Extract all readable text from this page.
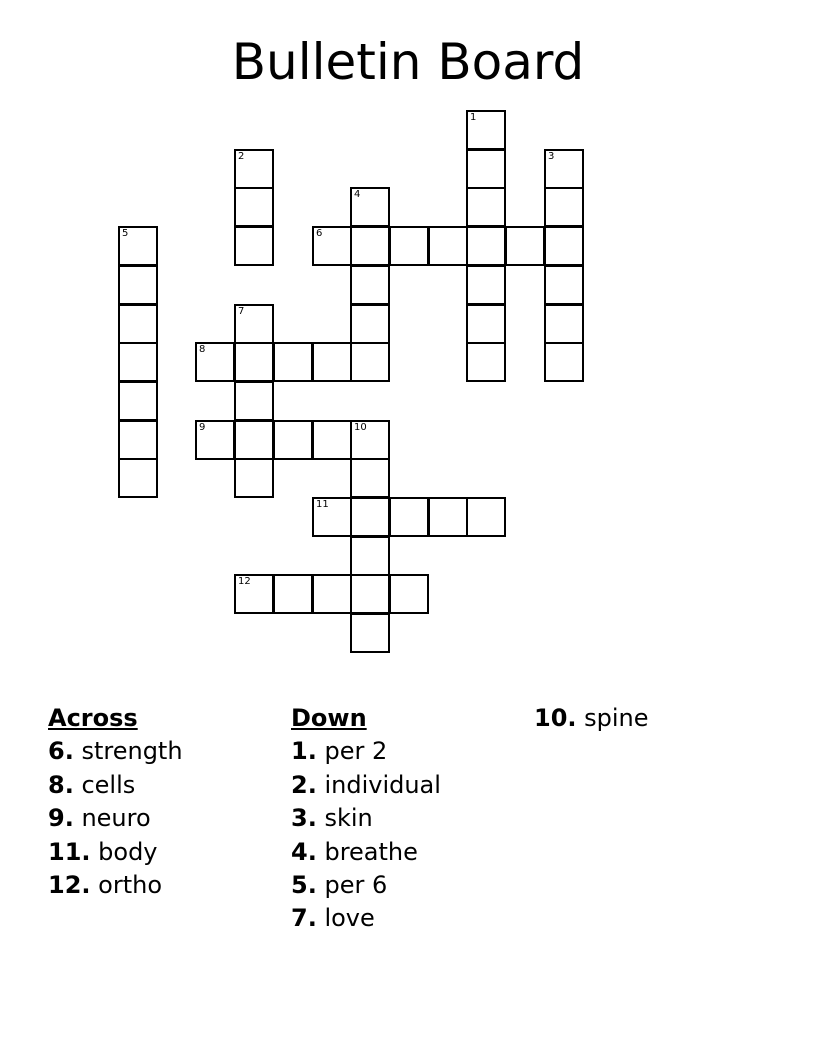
Bulletin Board
1
2	3
4
5	6
7
8
9	10
11
12
Across
6. strength
8. cells
9. neuro
11. body
12. ortho
Down
1. per 2
2. individual
3. skin
4. breathe
5. per 6
7. love
10. spine
